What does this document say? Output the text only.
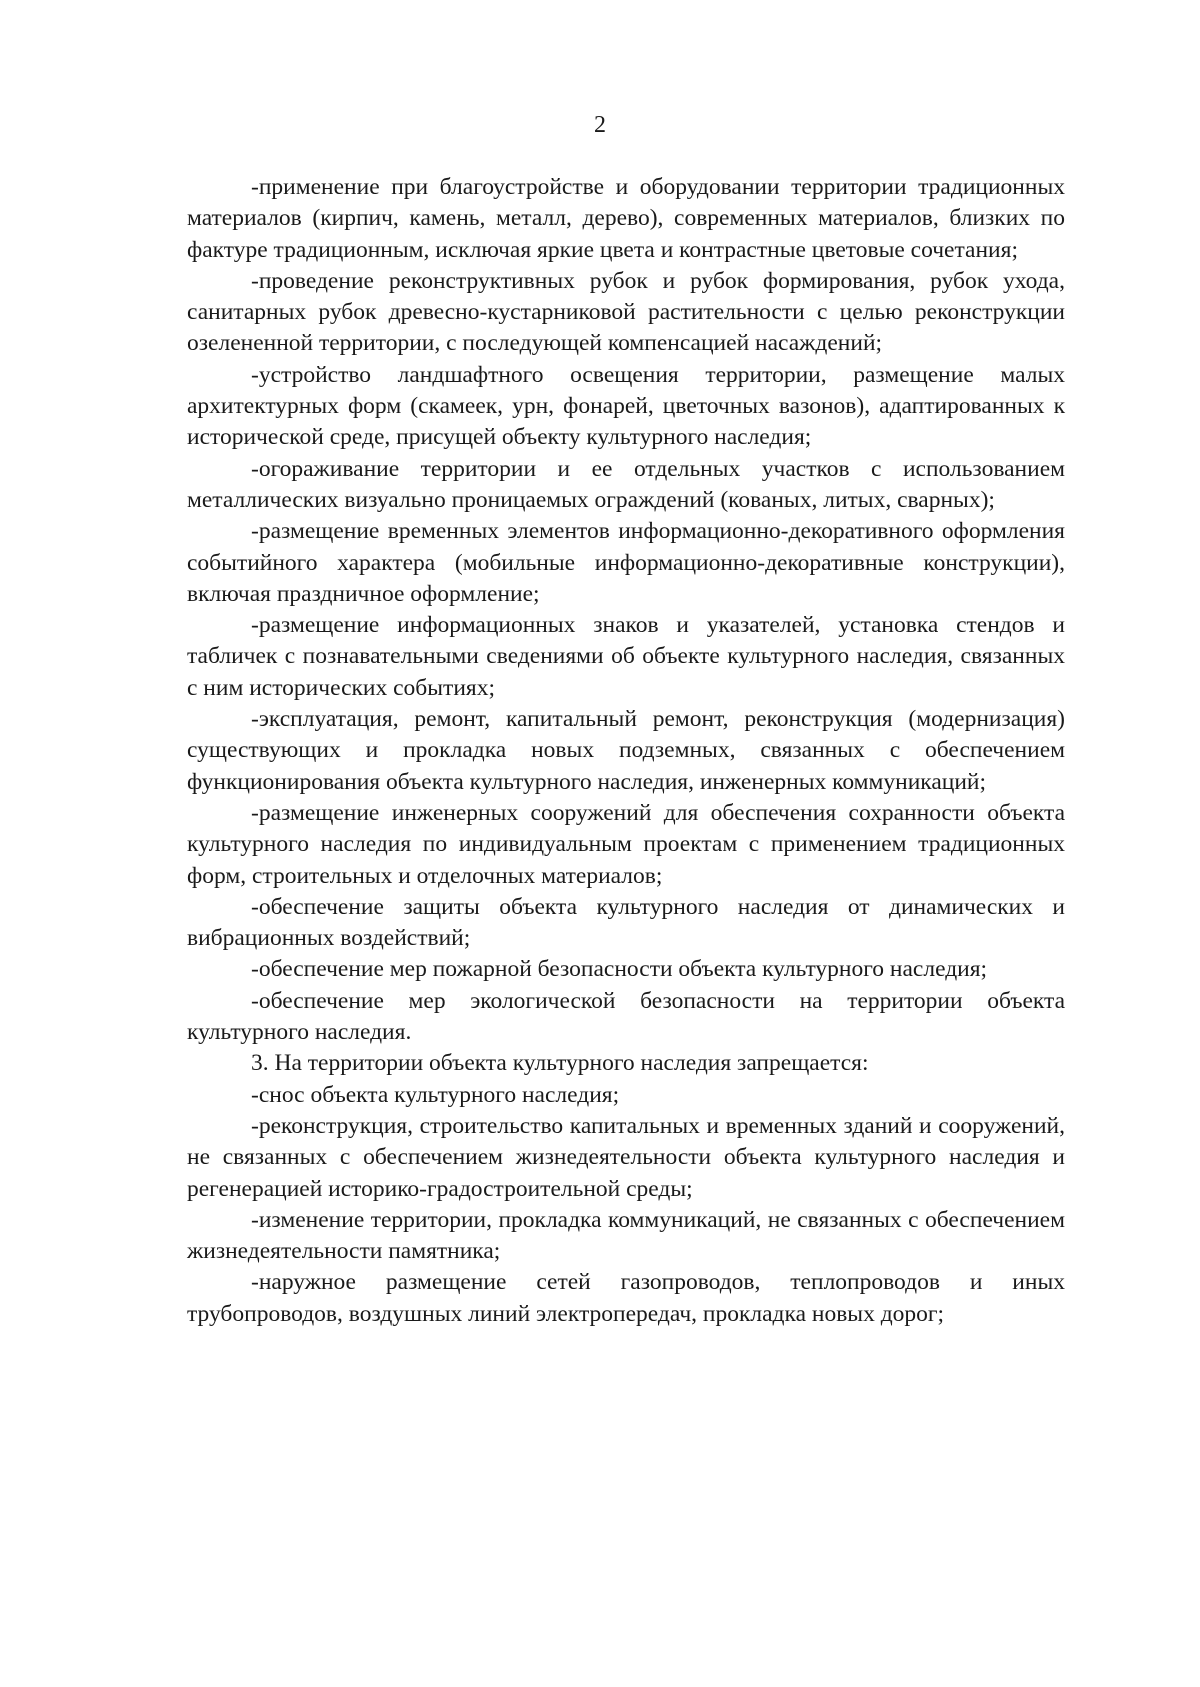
2

-применение при благоустройстве и оборудовании территории традиционных материалов (кирпич, камень, металл, дерево), современных материалов, близких по фактуре традиционным, исключая яркие цвета и контрастные цветовые сочетания;

-проведение реконструктивных рубок и рубок формирования, рубок ухода, санитарных рубок древесно-кустарниковой растительности с целью реконструкции озелененной территории, с последующей компенсацией насаждений;

-устройство ландшафтного освещения территории, размещение малых архитектурных форм (скамеек, урн, фонарей, цветочных вазонов), адаптированных к исторической среде, присущей объекту культурного наследия;

-огораживание территории и ее отдельных участков с использованием металлических визуально проницаемых ограждений (кованых, литых, сварных);

-размещение временных элементов информационно-декоративного оформления событийного характера (мобильные информационно-декоративные конструкции), включая праздничное оформление;

-размещение информационных знаков и указателей, установка стендов и табличек с познавательными сведениями об объекте культурного наследия, связанных с ним исторических событиях;

-эксплуатация, ремонт, капитальный ремонт, реконструкция (модернизация) существующих и прокладка новых подземных, связанных с обеспечением функционирования объекта культурного наследия, инженерных коммуникаций;

-размещение инженерных сооружений для обеспечения сохранности объекта культурного наследия по индивидуальным проектам с применением традиционных форм, строительных и отделочных материалов;

-обеспечение защиты объекта культурного наследия от динамических и вибрационных воздействий;

-обеспечение мер пожарной безопасности объекта культурного наследия;

-обеспечение мер экологической безопасности на территории объекта культурного наследия.

3. На территории объекта культурного наследия запрещается:

-снос объекта культурного наследия;

-реконструкция, строительство капитальных и временных зданий и сооружений, не связанных с обеспечением жизнедеятельности объекта культурного наследия и регенерацией историко-градостроительной среды;

-изменение территории, прокладка коммуникаций, не связанных с обеспечением жизнедеятельности памятника;

-наружное размещение сетей газопроводов, теплопроводов и иных трубопроводов, воздушных линий электропередач, прокладка новых дорог;
